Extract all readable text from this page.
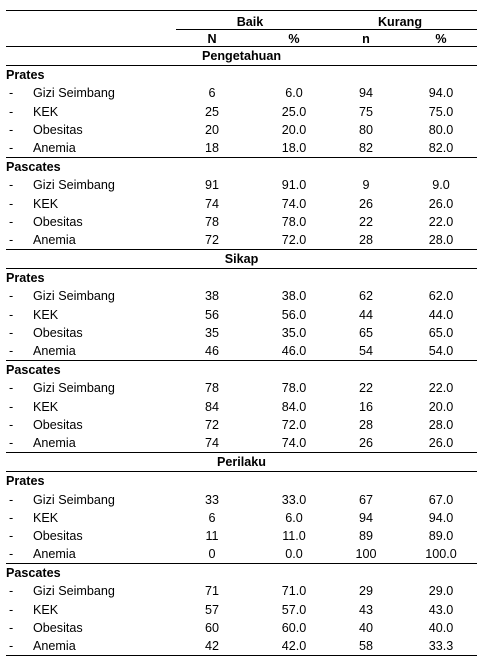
Baik	Kurang
N	%	n	%
Pengetahuan
Prates
- Gizi Seimbang	6	6.0	94	94.0
- KEK	25	25.0	75	75.0
- Obesitas	20	20.0	80	80.0
- Anemia	18	18.0	82	82.0
Pascates
- Gizi Seimbang	91	91.0	9	9.0
- KEK	74	74.0	26	26.0
- Obesitas	78	78.0	22	22.0
- Anemia	72	72.0	28	28.0
Sikap
Prates
- Gizi Seimbang	38	38.0	62	62.0
- KEK	56	56.0	44	44.0
- Obesitas	35	35.0	65	65.0
- Anemia	46	46.0	54	54.0
Pascates
- Gizi Seimbang	78	78.0	22	22.0
- KEK	84	84.0	16	20.0
- Obesitas	72	72.0	28	28.0
- Anemia	74	74.0	26	26.0
Perilaku
Prates
- Gizi Seimbang	33	33.0	67	67.0
- KEK	6	6.0	94	94.0
- Obesitas	11	11.0	89	89.0
- Anemia	0	0.0	100	100.0
Pascates
- Gizi Seimbang	71	71.0	29	29.0
- KEK	57	57.0	43	43.0
- Obesitas	60	60.0	40	40.0
- Anemia	42	42.0	58	33.3
